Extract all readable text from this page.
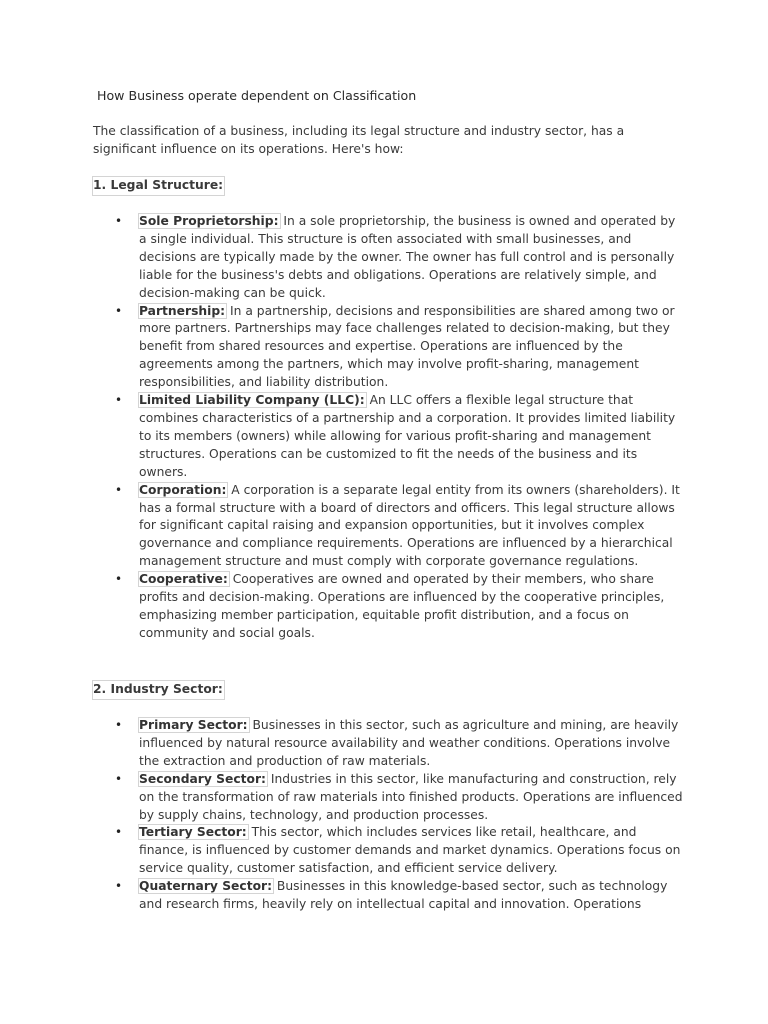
How Business operate dependent on Classification
The classification of a business, including its legal structure and industry sector, has a significant influence on its operations. Here's how:
1. Legal Structure:
• Sole Proprietorship: In a sole proprietorship, the business is owned and operated by a single individual. This structure is often associated with small businesses, and decisions are typically made by the owner. The owner has full control and is personally liable for the business's debts and obligations. Operations are relatively simple, and decision-making can be quick.
• Partnership: In a partnership, decisions and responsibilities are shared among two or more partners. Partnerships may face challenges related to decision-making, but they benefit from shared resources and expertise. Operations are influenced by the agreements among the partners, which may involve profit-sharing, management responsibilities, and liability distribution.
• Limited Liability Company (LLC): An LLC offers a flexible legal structure that combines characteristics of a partnership and a corporation. It provides limited liability to its members (owners) while allowing for various profit-sharing and management structures. Operations can be customized to fit the needs of the business and its owners.
• Corporation: A corporation is a separate legal entity from its owners (shareholders). It has a formal structure with a board of directors and officers. This legal structure allows for significant capital raising and expansion opportunities, but it involves complex governance and compliance requirements. Operations are influenced by a hierarchical management structure and must comply with corporate governance regulations.
• Cooperative: Cooperatives are owned and operated by their members, who share profits and decision-making. Operations are influenced by the cooperative principles, emphasizing member participation, equitable profit distribution, and a focus on community and social goals.
2. Industry Sector:
• Primary Sector: Businesses in this sector, such as agriculture and mining, are heavily influenced by natural resource availability and weather conditions. Operations involve the extraction and production of raw materials.
• Secondary Sector: Industries in this sector, like manufacturing and construction, rely on the transformation of raw materials into finished products. Operations are influenced by supply chains, technology, and production processes.
• Tertiary Sector: This sector, which includes services like retail, healthcare, and finance, is influenced by customer demands and market dynamics. Operations focus on service quality, customer satisfaction, and efficient service delivery.
• Quaternary Sector: Businesses in this knowledge-based sector, such as technology and research firms, heavily rely on intellectual capital and innovation. Operations
